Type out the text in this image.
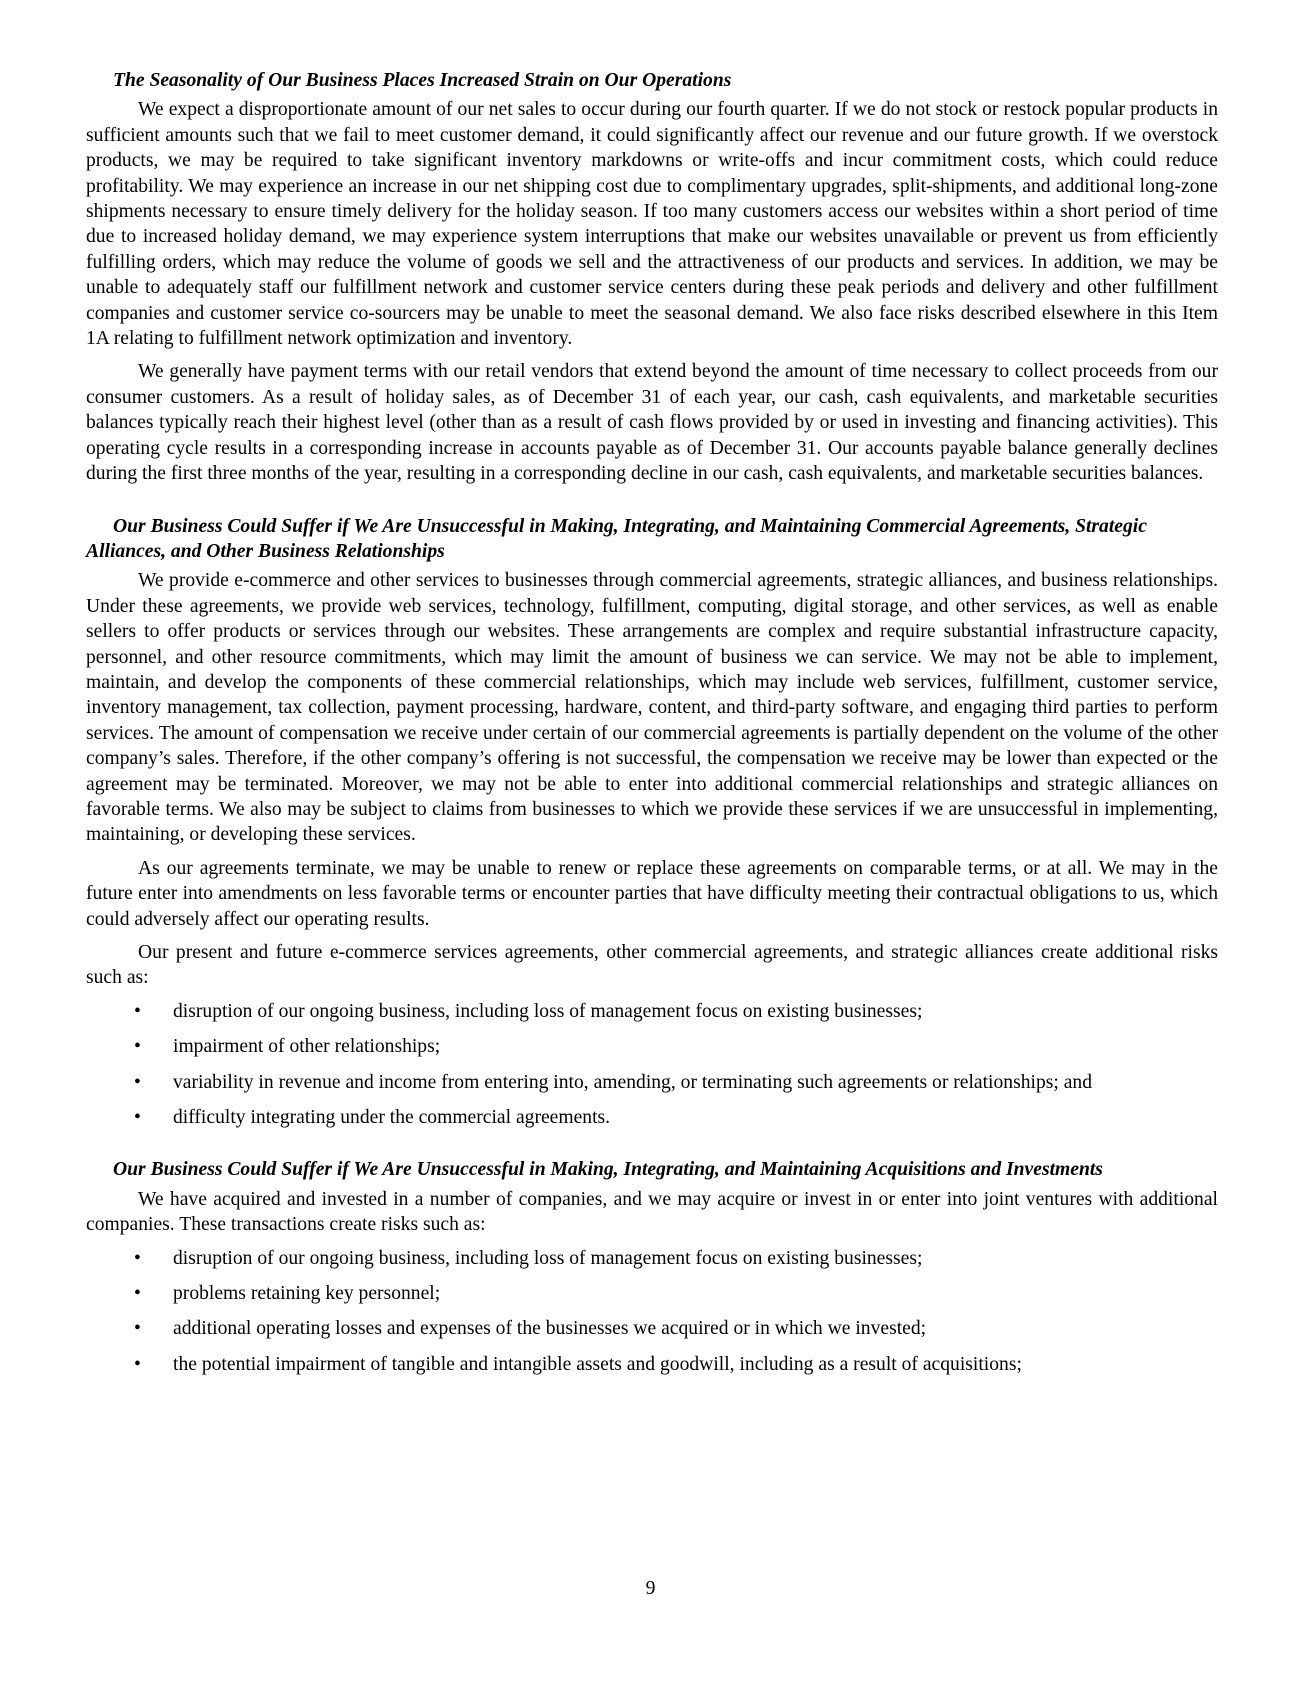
The Seasonality of Our Business Places Increased Strain on Our Operations

We expect a disproportionate amount of our net sales to occur during our fourth quarter. If we do not stock or restock popular products in sufficient amounts such that we fail to meet customer demand, it could significantly affect our revenue and our future growth. If we overstock products, we may be required to take significant inventory markdowns or write-offs and incur commitment costs, which could reduce profitability. We may experience an increase in our net shipping cost due to complimentary upgrades, split-shipments, and additional long-zone shipments necessary to ensure timely delivery for the holiday season. If too many customers access our websites within a short period of time due to increased holiday demand, we may experience system interruptions that make our websites unavailable or prevent us from efficiently fulfilling orders, which may reduce the volume of goods we sell and the attractiveness of our products and services. In addition, we may be unable to adequately staff our fulfillment network and customer service centers during these peak periods and delivery and other fulfillment companies and customer service co-sourcers may be unable to meet the seasonal demand. We also face risks described elsewhere in this Item 1A relating to fulfillment network optimization and inventory.

We generally have payment terms with our retail vendors that extend beyond the amount of time necessary to collect proceeds from our consumer customers. As a result of holiday sales, as of December 31 of each year, our cash, cash equivalents, and marketable securities balances typically reach their highest level (other than as a result of cash flows provided by or used in investing and financing activities). This operating cycle results in a corresponding increase in accounts payable as of December 31. Our accounts payable balance generally declines during the first three months of the year, resulting in a corresponding decline in our cash, cash equivalents, and marketable securities balances.

Our Business Could Suffer if We Are Unsuccessful in Making, Integrating, and Maintaining Commercial Agreements, Strategic Alliances, and Other Business Relationships

We provide e-commerce and other services to businesses through commercial agreements, strategic alliances, and business relationships. Under these agreements, we provide web services, technology, fulfillment, computing, digital storage, and other services, as well as enable sellers to offer products or services through our websites. These arrangements are complex and require substantial infrastructure capacity, personnel, and other resource commitments, which may limit the amount of business we can service. We may not be able to implement, maintain, and develop the components of these commercial relationships, which may include web services, fulfillment, customer service, inventory management, tax collection, payment processing, hardware, content, and third-party software, and engaging third parties to perform services. The amount of compensation we receive under certain of our commercial agreements is partially dependent on the volume of the other company’s sales. Therefore, if the other company’s offering is not successful, the compensation we receive may be lower than expected or the agreement may be terminated. Moreover, we may not be able to enter into additional commercial relationships and strategic alliances on favorable terms. We also may be subject to claims from businesses to which we provide these services if we are unsuccessful in implementing, maintaining, or developing these services.

As our agreements terminate, we may be unable to renew or replace these agreements on comparable terms, or at all. We may in the future enter into amendments on less favorable terms or encounter parties that have difficulty meeting their contractual obligations to us, which could adversely affect our operating results.

Our present and future e-commerce services agreements, other commercial agreements, and strategic alliances create additional risks such as:

• disruption of our ongoing business, including loss of management focus on existing businesses;
• impairment of other relationships;
• variability in revenue and income from entering into, amending, or terminating such agreements or relationships; and
• difficulty integrating under the commercial agreements.
Our Business Could Suffer if We Are Unsuccessful in Making, Integrating, and Maintaining Acquisitions and Investments

We have acquired and invested in a number of companies, and we may acquire or invest in or enter into joint ventures with additional companies. These transactions create risks such as:

• disruption of our ongoing business, including loss of management focus on existing businesses;
• problems retaining key personnel;
• additional operating losses and expenses of the businesses we acquired or in which we invested;
• the potential impairment of tangible and intangible assets and goodwill, including as a result of acquisitions;
9
